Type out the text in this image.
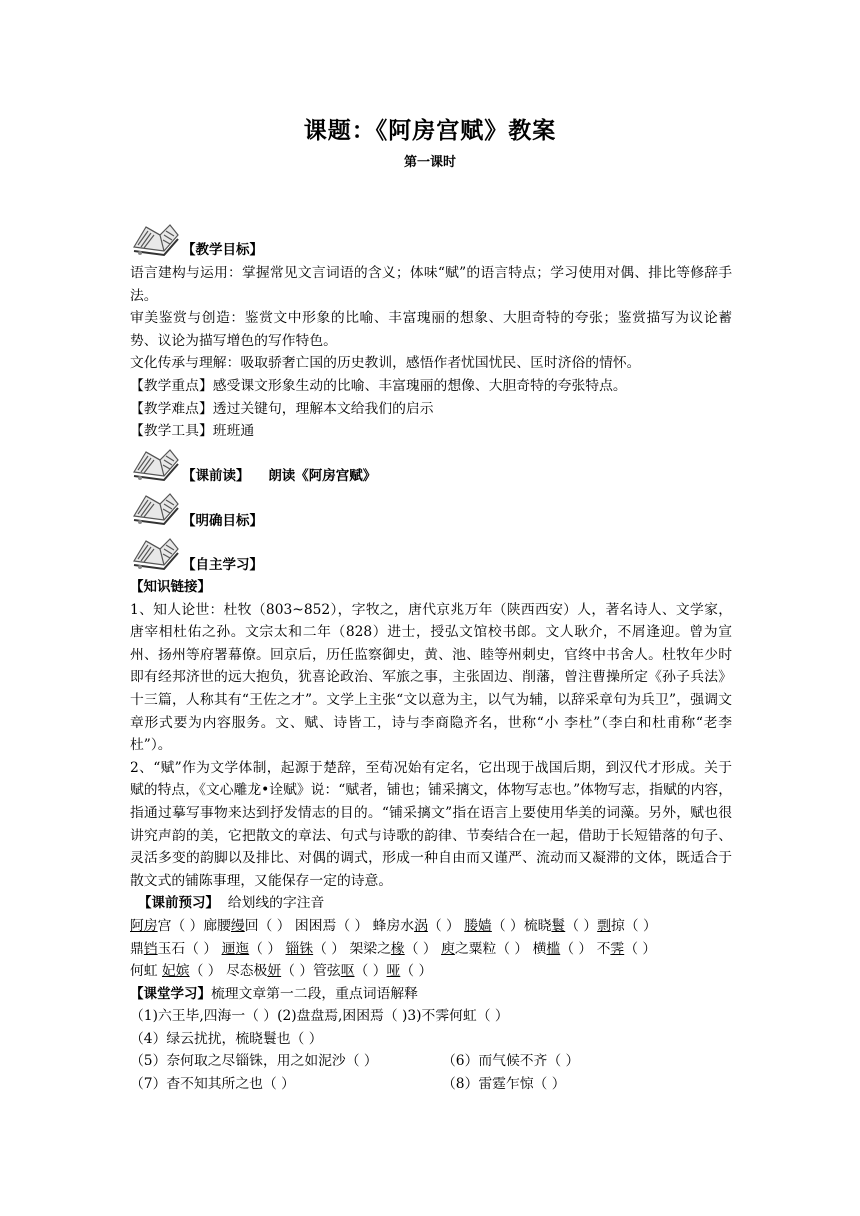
课题：《阿房宫赋》教案
第一课时
【教学目标】

语言建构与运用：掌握常见文言词语的含义；体味“赋”的语言特点；学习使用对偶、排比等修辞手法。

审美鉴赏与创造：鉴赏文中形象的比喻、丰富瑰丽的想象、大胆奇特的夸张；鉴赏描写为议论蓄势、议论为描写增色的写作特色。

文化传承与理解：吸取骄奢亡国的历史教训，感悟作者忧国忧民、匡时济俗的情怀。

【教学重点】感受课文形象生动的比喻、丰富瑰丽的想像、大胆奇特的夸张特点。

【教学难点】透过关键句，理解本文给我们的启示

【教学工具】班班通

【课前读】 朗读《阿房宫赋》
【明确目标】
【自主学习】

【知识链接】

1、知人论世：杜牧（803~852），字牧之，唐代京兆万年（陕西西安）人，著名诗人、文学家，唐宰相杜佑之孙。文宗太和二年（828）进士，授弘文馆校书郎。文人耿介，不屑逢迎。曾为宣州、扬州等府署幕僚。回京后，历任监察御史，黄、池、睦等州刺史，官终中书舍人。杜牧年少时即有经邦济世的远大抱负，犹喜论政治、军旅之事，主张固边、削藩，曾注曹操所定《孙子兵法》十三篇，人称其有“王佐之才”。文学上主张“文以意为主，以气为辅，以辞采章句为兵卫”，强调文章形式要为内容服务。文、赋、诗皆工，诗与李商隐齐名，世称“小 李杜”（李白和杜甫称“老李杜”）。

2、“赋”作为文学体制，起源于楚辞，至荀况始有定名，它出现于战国后期，到汉代才形成。关于赋的特点，《文心雕龙•诠赋》说：“赋者，铺也；铺采摛文，体物写志也。”体物写志，指赋的内容，指通过摹写事物来达到抒发情志的目的。“铺采摛文”指在语言上要使用华美的词藻。另外，赋也很讲究声韵的美，它把散文的章法、句式与诗歌的韵律、节奏结合在一起，借助于长短错落的句子、灵活多变的韵脚以及排比、对偶的调式，形成一种自由而又谨严、流动而又凝滞的文体，既适合于散文式的铺陈事理，又能保存一定的诗意。

【课前预习】 给划线的字注音

阿房宫（ ）廊腰缦回（ ） 困困焉（ ） 蜂房水涡（ ） 媵嫱（ ）梳晓鬟（ ）剽掠（ ）

鼎铛玉石（ ） 逦迤（ ） 锱铢（ ） 架梁之椽（ ） 庾之粟粒（ ） 横槛（ ） 不霁（ ）

何虹 妃嫔（ ） 尽态极妍（ ）管弦呕（ ）哑（ ）

【课堂学习】梳理文章第一二段，重点词语解释

（1)六王毕,四海一（ ）(2)盘盘焉,困困焉（ )3)不霁何虹（ ）

（4）绿云扰扰，梳晓鬟也（ ）

（5）奈何取之尽锱铢，用之如泥沙（ ）	（6）而气候不齐（ ）

（7）杳不知其所之也（ ）	（8）雷霆乍惊（ ）
